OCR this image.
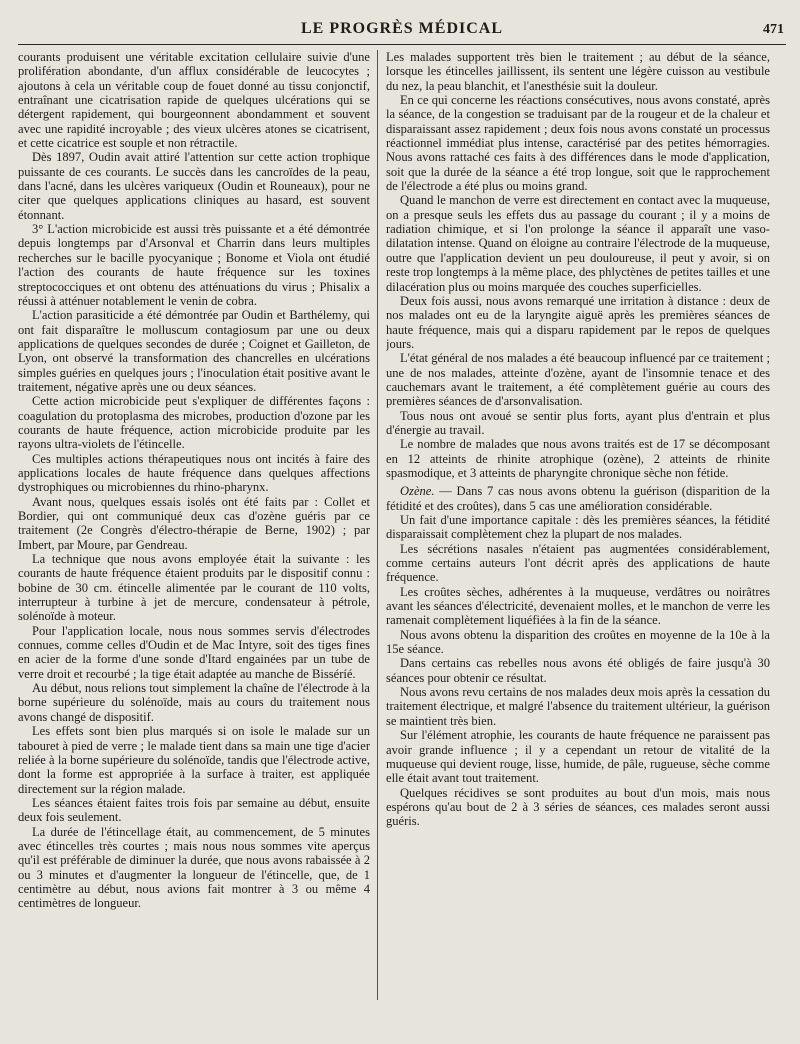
LE PROGRÈS MÉDICAL	471

courants produisent une véritable excitation cellulaire suivie d'une prolifération abondante, d'un afflux considérable de leucocytes ; ajoutons à cela un véritable coup de fouet donné au tissu conjonctif, entraînant une cicatrisation rapide de quelques ulcérations qui se détergent rapidement, qui bourgeonnent abondamment et souvent avec une rapidité incroyable ; des vieux ulcères atones se cicatrisent, et cette cicatrice est souple et non rétractile.

Dès 1897, Oudin avait attiré l'attention sur cette action trophique puissante de ces courants. Le succès dans les cancroïdes de la peau, dans l'acné, dans les ulcères variqueux (Oudin et Rouneaux), pour ne citer que quelques applications cliniques au hasard, est souvent étonnant.

3° L'action microbicide est aussi très puissante et a été démontrée depuis longtemps par d'Arsonval et Charrin dans leurs multiples recherches sur le bacille pyocyanique ; Bonome et Viola ont étudié l'action des courants de haute fréquence sur les toxines streptococciques et ont obtenu des atténuations du virus ; Phisalix a réussi à atténuer notablement le venin de cobra.

L'action parasiticide a été démontrée par Oudin et Barthélemy, qui ont fait disparaître le molluscum contagiosum par une ou deux applications de quelques secondes de durée ; Coignet et Gailleton, de Lyon, ont observé la transformation des chancrelles en ulcérations simples guéries en quelques jours ; l'inoculation était positive avant le traitement, négative après une ou deux séances.

Cette action microbicide peut s'expliquer de différentes façons : coagulation du protoplasma des microbes, production d'ozone par les courants de haute fréquence, action microbicide produite par les rayons ultra-violets de l'étincelle.

Ces multiples actions thérapeutiques nous ont incités à faire des applications locales de haute fréquence dans quelques affections dystrophiques ou microbiennes du rhino-pharynx.

Avant nous, quelques essais isolés ont été faits par : Collet et Bordier, qui ont communiqué deux cas d'ozène guéris par ce traitement (2e Congrès d'électro-thérapie de Berne, 1902) ; par Imbert, par Moure, par Gendreau.

La technique que nous avons employée était la suivante : les courants de haute fréquence étaient produits par le dispositif connu : bobine de 30 cm. étincelle alimentée par le courant de 110 volts, interrupteur à turbine à jet de mercure, condensateur à pétrole, solénoïde à moteur.

Pour l'application locale, nous nous sommes servis d'électrodes connues, comme celles d'Oudin et de Mac Intyre, soit des tiges fines en acier de la forme d'une sonde d'Itard engainées par un tube de verre droit et recourbé ; la tige était adaptée au manche de Bisséríé.

Au début, nous relions tout simplement la chaîne de l'électrode à la borne supérieure du solénoïde, mais au cours du traitement nous avons changé de dispositif.

Les effets sont bien plus marqués si on isole le malade sur un tabouret à pied de verre ; le malade tient dans sa main une tige d'acier reliée à la borne supérieure du solénoïde, tandis que l'électrode active, dont la forme est appropriée à la surface à traiter, est appliquée directement sur la région malade.

Les séances étaient faites trois fois par semaine au début, ensuite deux fois seulement.

La durée de l'étincellage était, au commencement, de 5 minutes avec étincelles très courtes ; mais nous nous sommes vite aperçus qu'il est préférable de diminuer la durée, que nous avons rabaissée à 2 ou 3 minutes et d'augmenter la longueur de l'étincelle, que, de 1 centimètre au début, nous avions fait montrer à 3 ou même 4 centimètres de longueur.

Les malades supportent très bien le traitement ; au début de la séance, lorsque les étincelles jaillissent, ils sentent une légère cuisson au vestibule du nez, la peau blanchit, et l'anesthésie suit la douleur.

En ce qui concerne les réactions consécutives, nous avons constaté, après la séance, de la congestion se traduisant par de la rougeur et de la chaleur et disparaissant assez rapidement ; deux fois nous avons constaté un processus réactionnel immédiat plus intense, caractérisé par des petites hémorragies. Nous avons rattaché ces faits à des différences dans le mode d'application, soit que la durée de la séance a été trop longue, soit que le rapprochement de l'électrode a été plus ou moins grand.

Quand le manchon de verre est directement en contact avec la muqueuse, on a presque seuls les effets dus au passage du courant ; il y a moins de radiation chimique, et si l'on prolonge la séance il apparaît une vaso-dilatation intense. Quand on éloigne au contraire l'électrode de la muqueuse, outre que l'application devient un peu douloureuse, il peut y avoir, si on reste trop longtemps à la même place, des phlyctènes de petites tailles et une dilacération plus ou moins marquée des couches superficielles.

Deux fois aussi, nous avons remarqué une irritation à distance : deux de nos malades ont eu de la laryngite aiguë après les premières séances de haute fréquence, mais qui a disparu rapidement par le repos de quelques jours.

L'état général de nos malades a été beaucoup influencé par ce traitement ; une de nos malades, atteinte d'ozène, ayant de l'insomnie tenace et des cauchemars avant le traitement, a été complètement guérie au cours des premières séances de d'arsonvalisation.

Tous nous ont avoué se sentir plus forts, ayant plus d'entrain et plus d'énergie au travail.

Le nombre de malades que nous avons traités est de 17 se décomposant en 12 atteints de rhinite atrophique (ozène), 2 atteints de rhinite spasmodique, et 3 atteints de pharyngite chronique sèche non fétide.

Ozène. — Dans 7 cas nous avons obtenu la guérison (disparition de la fétidité et des croûtes), dans 5 cas une amélioration considérable.

Un fait d'une importance capitale : dès les premières séances, la fétidité disparaissait complètement chez la plupart de nos malades.

Les sécrétions nasales n'étaient pas augmentées considérablement, comme certains auteurs l'ont décrit après des applications de haute fréquence.

Les croûtes sèches, adhérentes à la muqueuse, verdâtres ou noirâtres avant les séances d'électricité, devenaient molles, et le manchon de verre les ramenait complètement liquéfiées à la fin de la séance.

Nous avons obtenu la disparition des croûtes en moyenne de la 10e à la 15e séance.

Dans certains cas rebelles nous avons été obligés de faire jusqu'à 30 séances pour obtenir ce résultat.

Nous avons revu certains de nos malades deux mois après la cessation du traitement électrique, et malgré l'absence du traitement ultérieur, la guérison se maintient très bien.

Sur l'élément atrophie, les courants de haute fréquence ne paraissent pas avoir grande influence ; il y a cependant un retour de vitalité de la muqueuse qui devient rouge, lisse, humide, de pâle, rugueuse, sèche comme elle était avant tout traitement.

Quelques récidives se sont produites au bout d'un mois, mais nous espérons qu'au bout de 2 à 3 séries de séances, ces malades seront aussi guéris.
